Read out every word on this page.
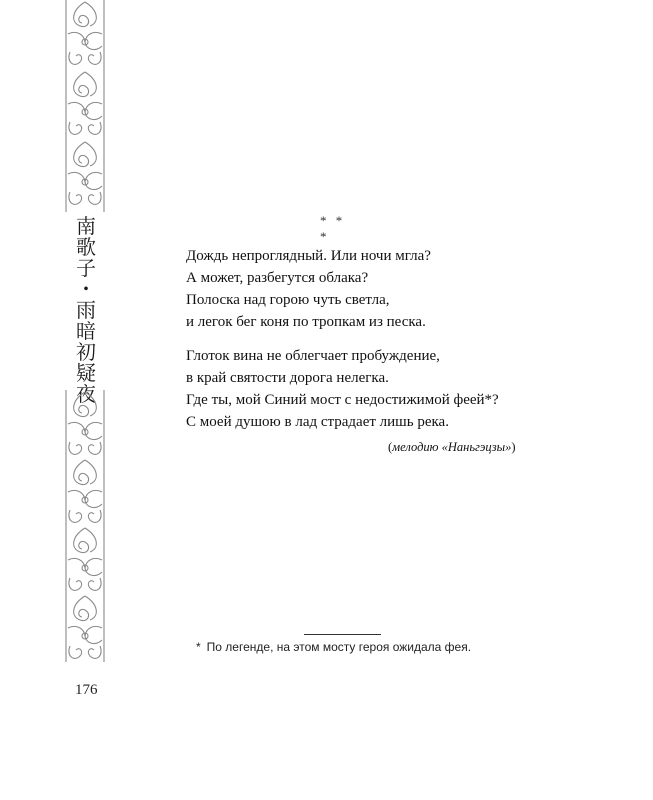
南
歌
子
・
雨
暗
初
疑
夜
176
* * *
Дождь непроглядный. Или ночи мгла?
А может, разбегутся облака?
Полоска над горою чуть светла,
и легок бег коня по тропкам из песка.
Глоток вина не облегчает пробуждение,
в край святости дорога нелегка.
Где ты, мой Синий мост с недостижимой феей*?
С моей душою в лад страдает лишь река.
(мелодию «Наньгэцзы»)
* По легенде, на этом мосту героя ожидала фея.
